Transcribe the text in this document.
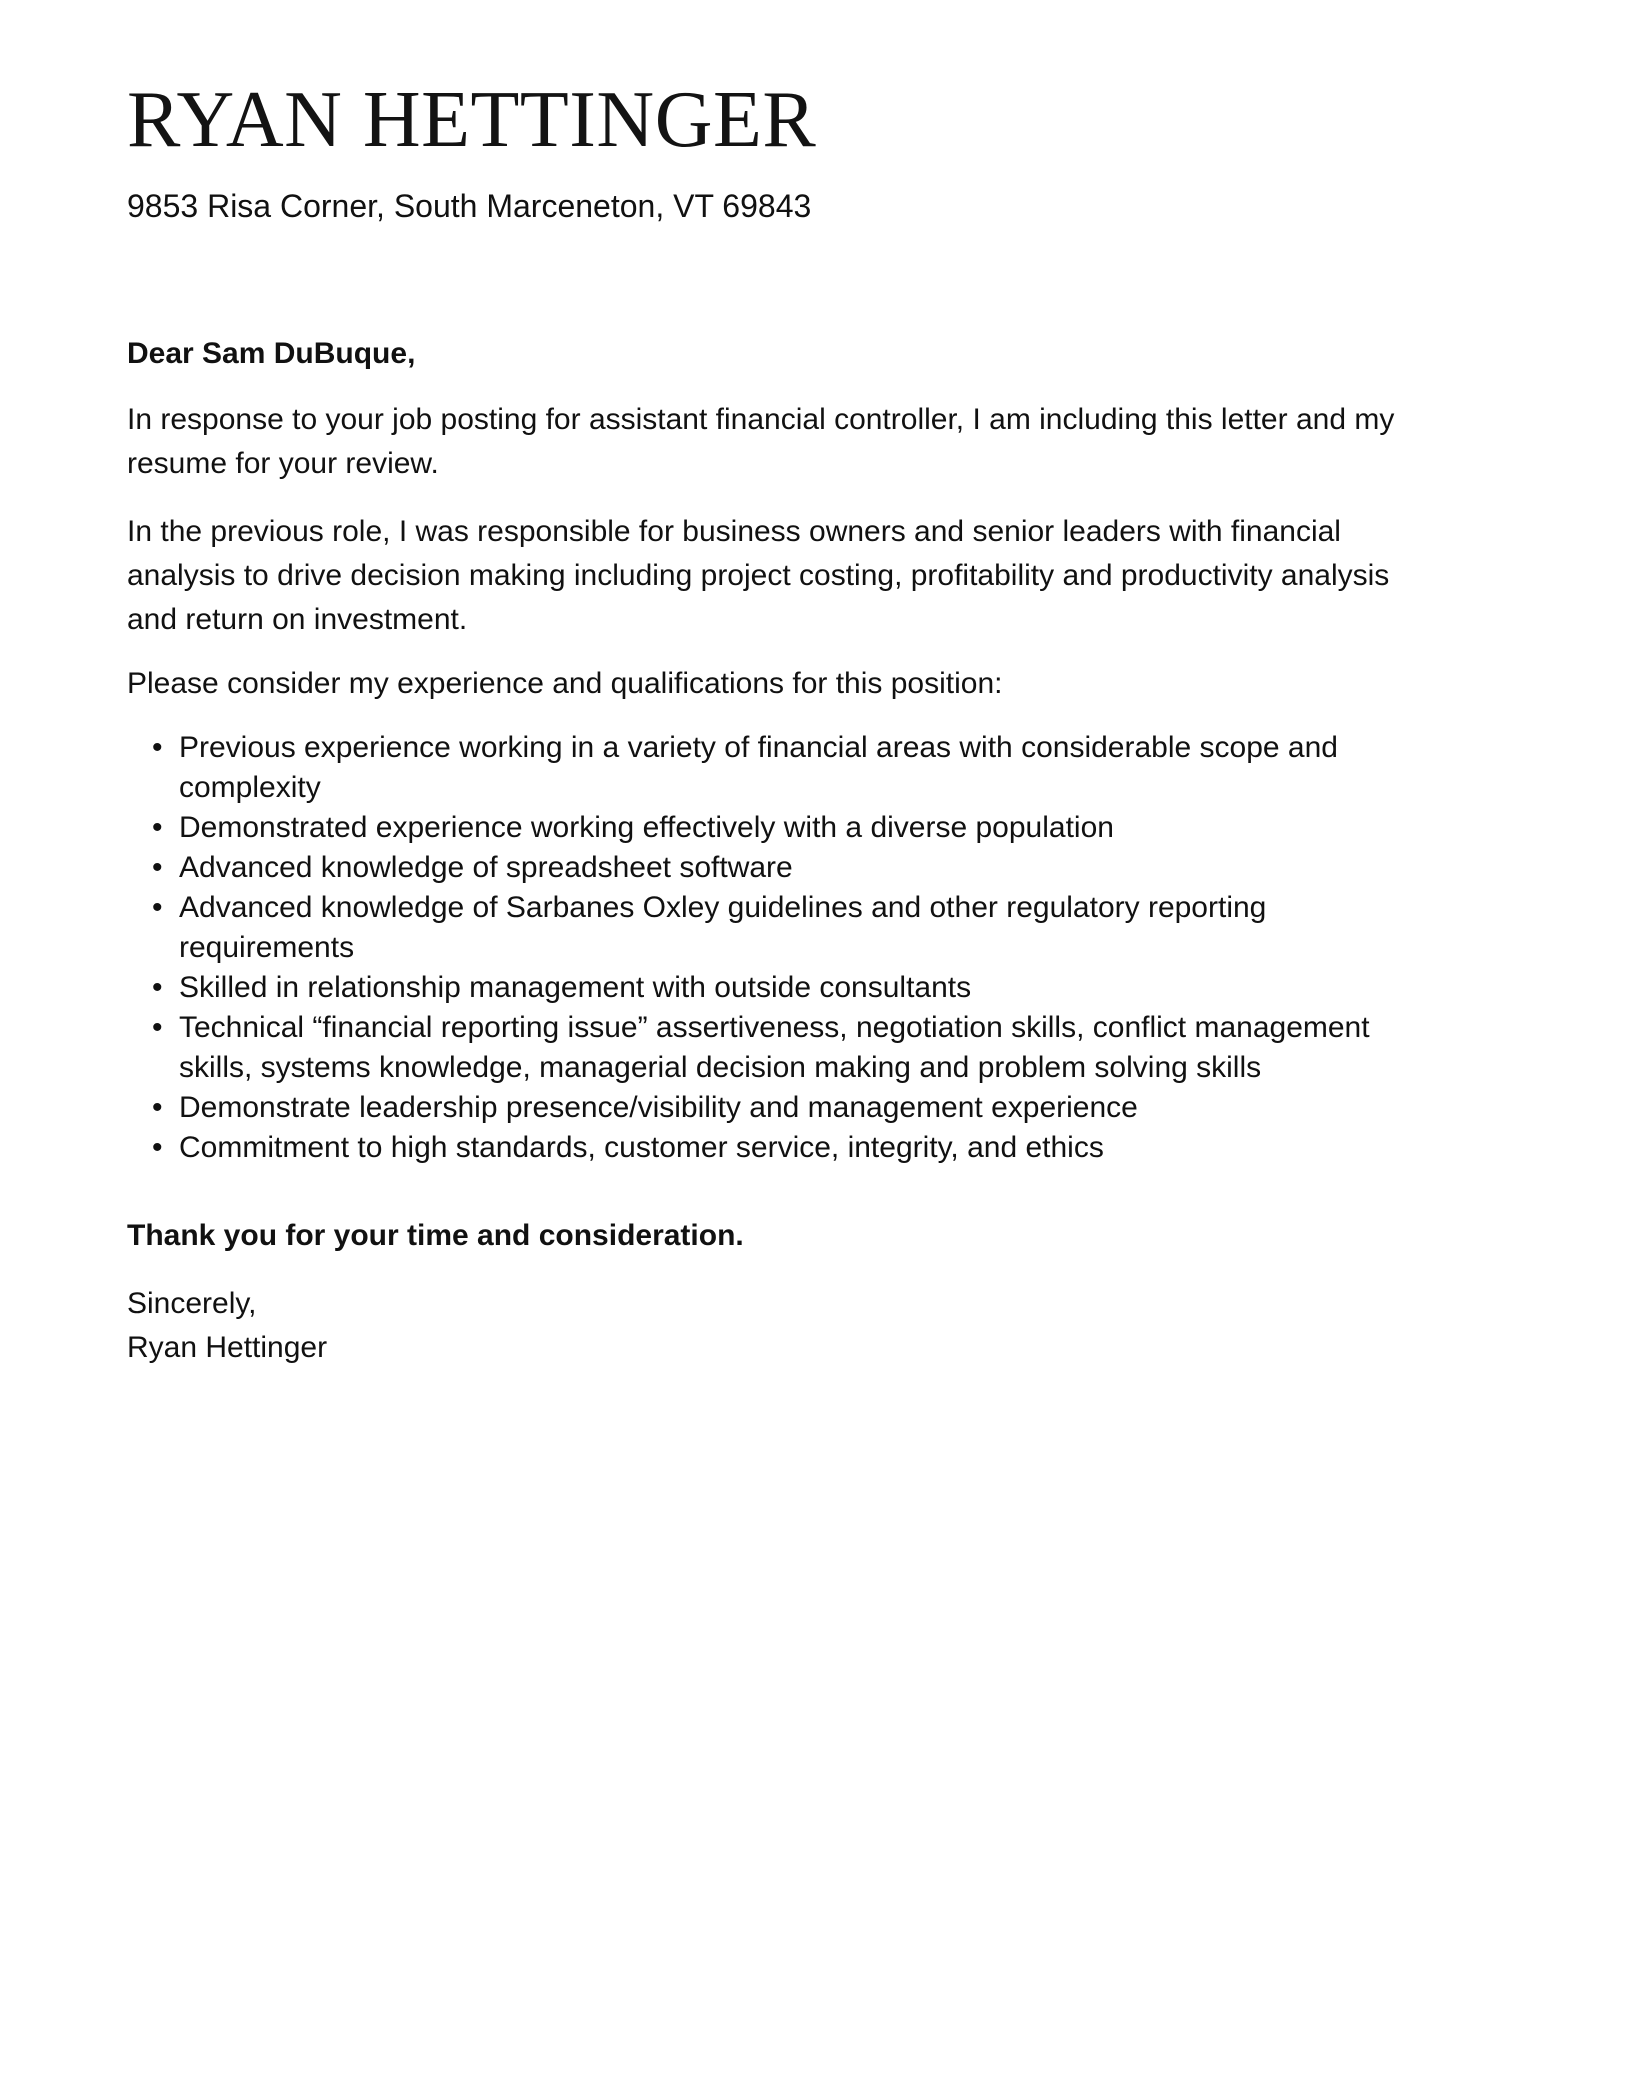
RYAN HETTINGER
9853 Risa Corner, South Marceneton, VT 69843
Dear Sam DuBuque,

In response to your job posting for assistant financial controller, I am including this letter and my resume for your review.

In the previous role, I was responsible for business owners and senior leaders with financial analysis to drive decision making including project costing, profitability and productivity analysis and return on investment.

Please consider my experience and qualifications for this position:

• Previous experience working in a variety of financial areas with considerable scope and complexity
• Demonstrated experience working effectively with a diverse population
• Advanced knowledge of spreadsheet software
• Advanced knowledge of Sarbanes Oxley guidelines and other regulatory reporting requirements
• Skilled in relationship management with outside consultants
• Technical “financial reporting issue” assertiveness, negotiation skills, conflict management skills, systems knowledge, managerial decision making and problem solving skills
• Demonstrate leadership presence/visibility and management experience
• Commitment to high standards, customer service, integrity, and ethics

Thank you for your time and consideration.

Sincerely,
Ryan Hettinger
